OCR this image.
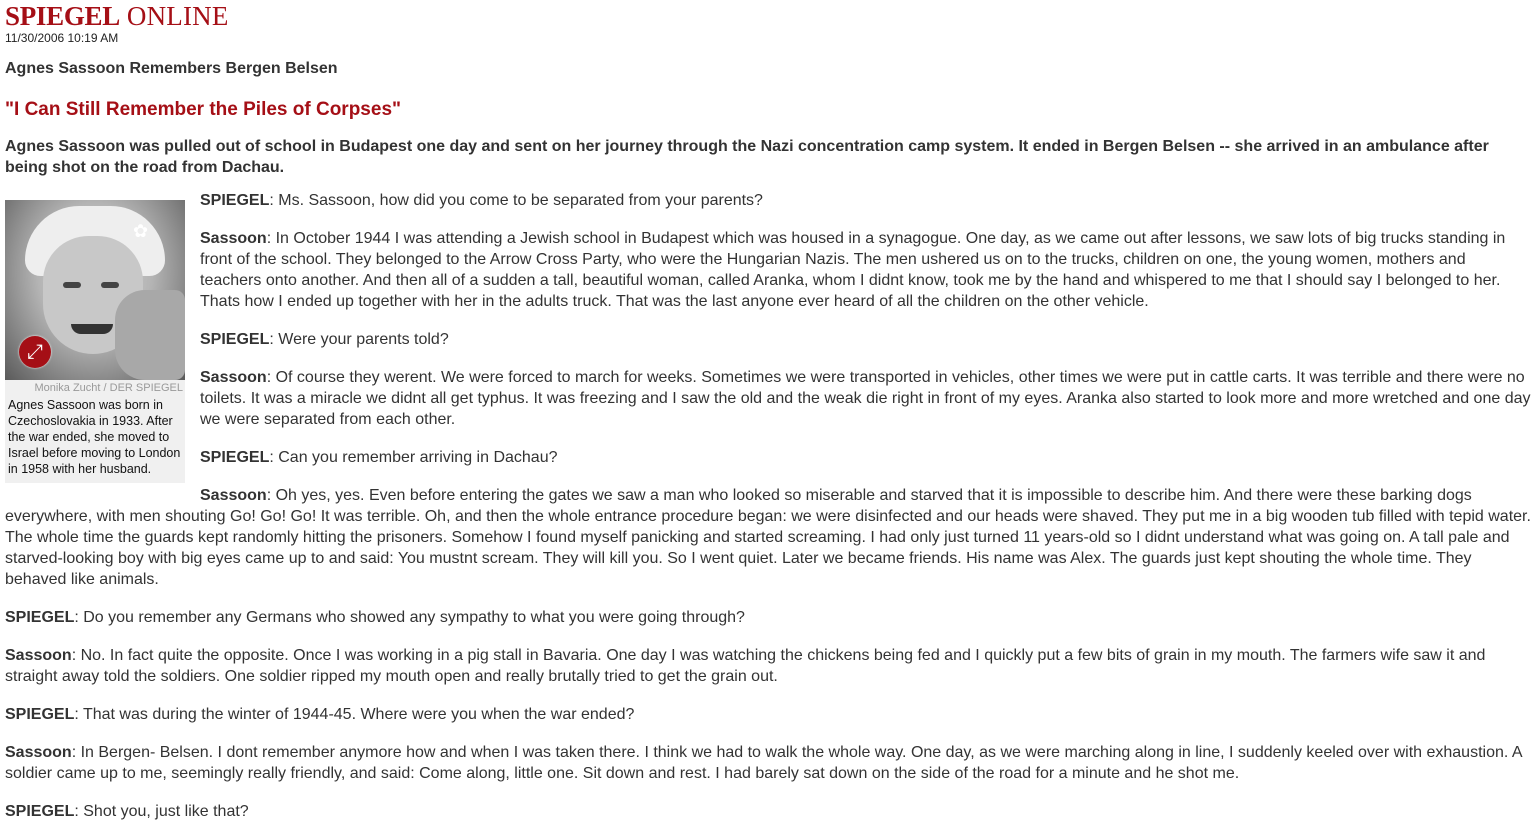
SPIEGEL ONLINE
11/30/2006 10:19 AM
Agnes Sassoon Remembers Bergen Belsen
"I Can Still Remember the Piles of Corpses"
Agnes Sassoon was pulled out of school in Budapest one day and sent on her journey through the Nazi concentration camp system. It ended in Bergen Belsen -- she arrived in an ambulance after being shot on the road from Dachau.
✿
⤢
Monika Zucht / DER SPIEGEL
Agnes Sassoon was born in Czechoslovakia in 1933. After the war ended, she moved to Israel before moving to London in 1958 with her husband.

SPIEGEL: Ms. Sassoon, how did you come to be separated from your parents?

Sassoon: In October 1944 I was attending a Jewish school in Budapest which was housed in a synagogue. One day, as we came out after lessons, we saw lots of big trucks standing in front of the school. They belonged to the Arrow Cross Party, who were the Hungarian Nazis. The men ushered us on to the trucks, children on one, the young women, mothers and teachers onto another. And then all of a sudden a tall, beautiful woman, called Aranka, whom I didnt know, took me by the hand and whispered to me that I should say I belonged to her. Thats how I ended up together with her in the adults truck. That was the last anyone ever heard of all the children on the other vehicle.

SPIEGEL: Were your parents told?

Sassoon: Of course they werent. We were forced to march for weeks. Sometimes we were transported in vehicles, other times we were put in cattle carts. It was terrible and there were no toilets. It was a miracle we didnt all get typhus. It was freezing and I saw the old and the weak die right in front of my eyes. Aranka also started to look more and more wretched and one day we were separated from each other.

SPIEGEL: Can you remember arriving in Dachau?

Sassoon: Oh yes, yes. Even before entering the gates we saw a man who looked so miserable and starved that it is impossible to describe him. And there were these barking dogs everywhere, with men shouting Go! Go! Go! It was terrible. Oh, and then the whole entrance procedure began: we were disinfected and our heads were shaved. They put me in a big wooden tub filled with tepid water. The whole time the guards kept randomly hitting the prisoners. Somehow I found myself panicking and started screaming. I had only just turned 11 years-old so I didnt understand what was going on. A tall pale and starved-looking boy with big eyes came up to and said: You mustnt scream. They will kill you. So I went quiet. Later we became friends. His name was Alex. The guards just kept shouting the whole time. They behaved like animals.

SPIEGEL: Do you remember any Germans who showed any sympathy to what you were going through?

Sassoon: No. In fact quite the opposite. Once I was working in a pig stall in Bavaria. One day I was watching the chickens being fed and I quickly put a few bits of grain in my mouth. The farmers wife saw it and straight away told the soldiers. One soldier ripped my mouth open and really brutally tried to get the grain out.

SPIEGEL: That was during the winter of 1944-45. Where were you when the war ended?

Sassoon: In Bergen- Belsen. I dont remember anymore how and when I was taken there. I think we had to walk the whole way. One day, as we were marching along in line, I suddenly keeled over with exhaustion. A soldier came up to me, seemingly really friendly, and said: Come along, little one. Sit down and rest. I had barely sat down on the side of the road for a minute and he shot me.

SPIEGEL: Shot you, just like that?
